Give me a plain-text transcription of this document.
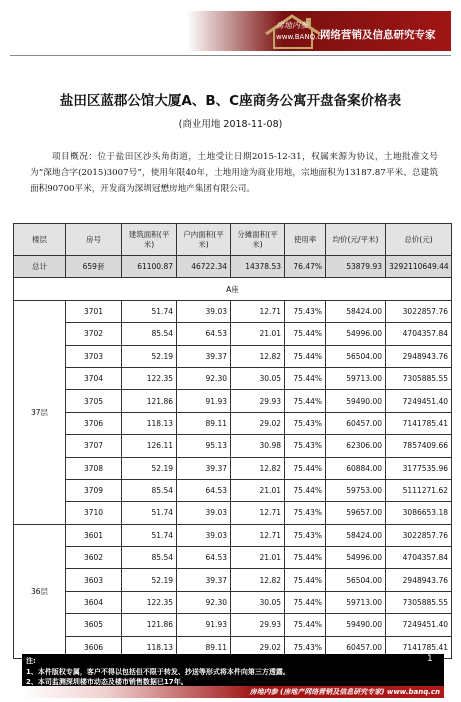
房地内参
www.BANQ.cn
网络营销及信息研究专家
盐田区蓝郡公馆大厦A、B、C座商务公寓开盘备案价格表
(商业用地 2018-11-08)

项目概况：位于盐田区沙头角街道，土地受让日期2015-12-31，权属来源为协议，土地批准文号为“深地合字(2015)3007号”，使用年限40年，土地用途为商业用地，宗地面积为13187.87平米、总建筑面积90700平米，开发商为深圳冠懋房地产集团有限公司。

楼层	房号	建筑面积(平米)	户内面积(平米)	分摊面积(平米)	使用率	均价(元/平米)	总价(元)
总计	659套	61100.87	46722.34	14378.53	76.47%	53879.93	3292110649.44
A座							
37层	3701	51.74	39.03	12.71	75.43%	58424.00	3022857.76
	3702	85.54	64.53	21.01	75.44%	54996.00	4704357.84
	3703	52.19	39.37	12.82	75.44%	56504.00	2948943.76
	3704	122.35	92.30	30.05	75.44%	59713.00	7305885.55
	3705	121.86	91.93	29.93	75.44%	59490.00	7249451.40
	3706	118.13	89.11	29.02	75.43%	60457.00	7141785.41
	3707	126.11	95.13	30.98	75.43%	62306.00	7857409.66
	3708	52.19	39.37	12.82	75.44%	60884.00	3177535.96
	3709	85.54	64.53	21.01	75.44%	59753.00	5111271.62
	3710	51.74	39.03	12.71	75.43%	59657.00	3086653.18
36层	3601	51.74	39.03	12.71	75.43%	58424.00	3022857.76
	3602	85.54	64.53	21.01	75.44%	54996.00	4704357.84
	3603	52.19	39.37	12.82	75.44%	56504.00	2948943.76
	3604	122.35	92.30	30.05	75.44%	59713.00	7305885.55
	3605	121.86	91.93	29.93	75.44%	59490.00	7249451.40
	3606	118.13	89.11	29.02	75.43%	60457.00	7141785.41
注:
1、本件版权专属，客户不得以包括但不限于转发、抄送等形式将本件向第三方透露。
2、本司监测深圳楼市动态及楼市销售数据已17年。
1
房地内参 (房地产网络营销及信息研究专家) www.banq.cn
